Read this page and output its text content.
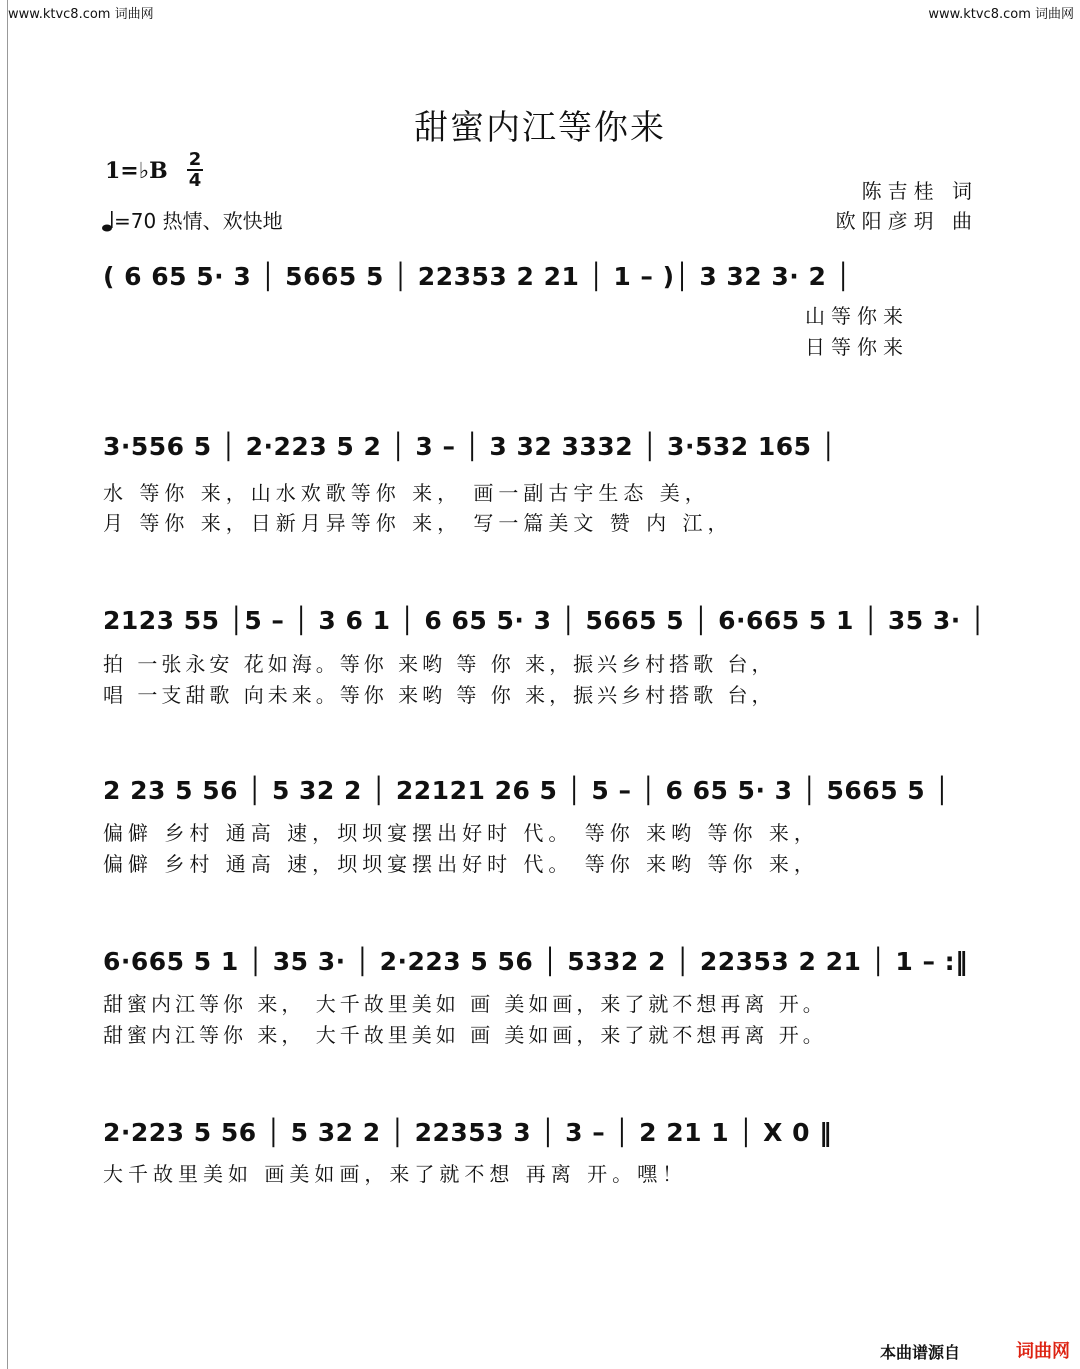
www.ktvc8.com 词曲网	www.ktvc8.com 词曲网
甜蜜内江等你来
1=♭B 2
4
=70 热情、欢快地
陈吉桂 词
欧阳彦玥 曲
( 6 65 5· 3 │ 5665 5 │ 22353 2 21 │ 1 – )│ 3 32 3· 2 │
山等你来
日等你来
3·556 5 │ 2·223 5 2 │ 3 – │ 3 32 3332 │ 3·532 165 │
水 等你 来，山水欢歌等你 来， 画一副古宇生态 美，
月 等你 来，日新月异等你 来， 写一篇美文 赞 内 江，
2123 55 │5 – │ 3 6 1 │ 6 65 5· 3 │ 5665 5 │ 6·665 5 1 │ 35 3· │
拍 一张永安 花如海。等你 来哟 等 你 来，振兴乡村搭歌 台，
唱 一支甜歌 向未来。等你 来哟 等 你 来，振兴乡村搭歌 台，
2 23 5 56 │ 5 32 2 │ 22121 26 5 │ 5 – │ 6 65 5· 3 │ 5665 5 │
偏僻 乡村 通高 速，坝坝宴摆出好时 代。 等你 来哟 等你 来，
偏僻 乡村 通高 速，坝坝宴摆出好时 代。 等你 来哟 等你 来，
6·665 5 1 │ 35 3· │ 2·223 5 56 │ 5332 2 │ 22353 2 21 │ 1 – :‖
甜蜜内江等你 来， 大千故里美如 画 美如画，来了就不想再离 开。
甜蜜内江等你 来， 大千故里美如 画 美如画，来了就不想再离 开。
2·223 5 56 │ 5 32 2 │ 22353 3 │ 3 – │ 2 21 1 │ X 0 ‖
大千故里美如 画美如画，来了就不想 再离 开。嘿！
本曲谱源自	词曲网
